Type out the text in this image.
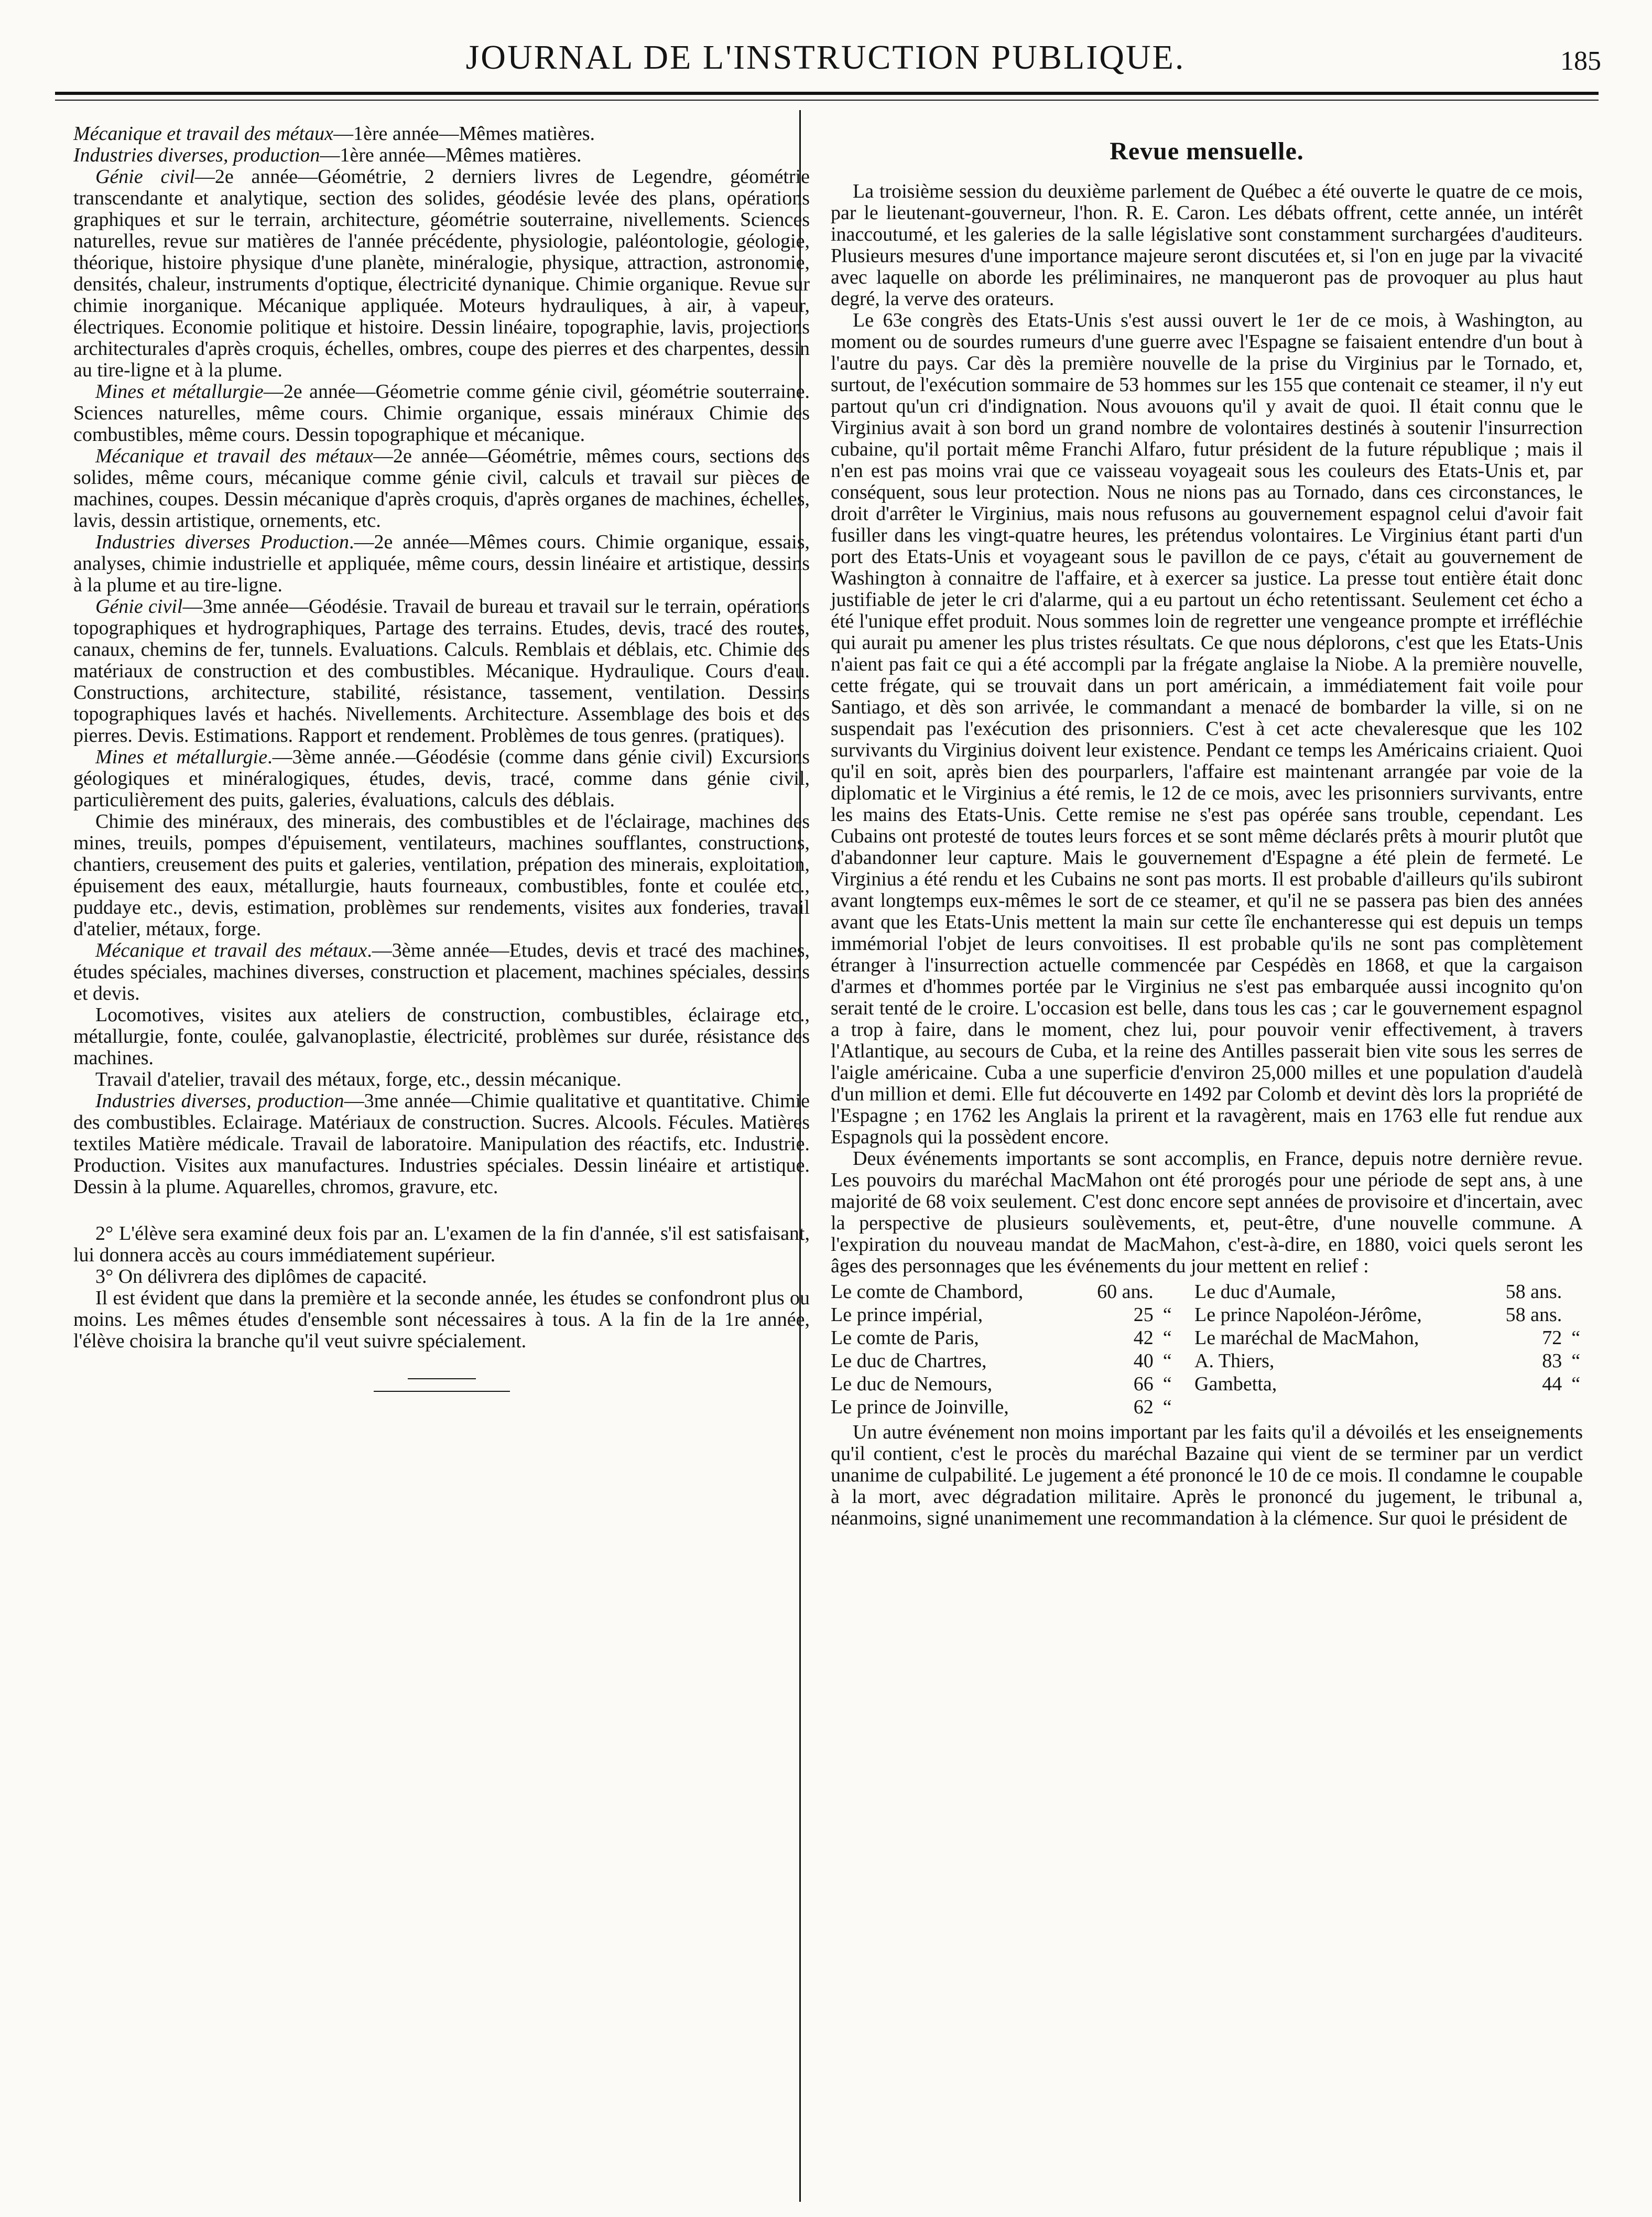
JOURNAL DE L'INSTRUCTION PUBLIQUE.	185

Mécanique et travail des métaux—1ère année—Mêmes matières.

Industries diverses, production—1ère année—Mêmes matières.

Génie civil—2e année—Géométrie, 2 derniers livres de Legendre, géométrie transcendante et analytique, section des solides, géodésie levée des plans, opérations graphiques et sur le terrain, architecture, géométrie souterraine, nivellements. Sciences naturelles, revue sur matières de l'année précédente, physiologie, paléontologie, géologie, théorique, histoire physique d'une planète, minéralogie, physique, attraction, astronomie, densités, chaleur, instruments d'optique, électricité dynanique. Chimie organique. Revue sur chimie inorganique. Mécanique appliquée. Moteurs hydrauliques, à air, à vapeur, électriques. Economie politique et histoire. Dessin linéaire, topographie, lavis, projections architecturales d'après croquis, échelles, ombres, coupe des pierres et des charpentes, dessin au tire-ligne et à la plume.

Mines et métallurgie—2e année—Géometrie comme génie civil, géométrie souterraine. Sciences naturelles, même cours. Chimie organique, essais minéraux Chimie des combustibles, même cours. Dessin topographique et mécanique.

Mécanique et travail des métaux—2e année—Géométrie, mêmes cours, sections des solides, même cours, mécanique comme génie civil, calculs et travail sur pièces de machines, coupes. Dessin mécanique d'après croquis, d'après organes de machines, échelles, lavis, dessin artistique, ornements, etc.

Industries diverses Production.—2e année—Mêmes cours. Chimie organique, essais, analyses, chimie industrielle et appliquée, même cours, dessin linéaire et artistique, dessins à la plume et au tire-ligne.

Génie civil—3me année—Géodésie. Travail de bureau et travail sur le terrain, opérations topographiques et hydrographiques, Partage des terrains. Etudes, devis, tracé des routes, canaux, chemins de fer, tunnels. Evaluations. Calculs. Remblais et déblais, etc. Chimie des matériaux de construction et des combustibles. Mécanique. Hydraulique. Cours d'eau. Constructions, architecture, stabilité, résistance, tassement, ventilation. Dessins topographiques lavés et hachés. Nivellements. Architecture. Assemblage des bois et des pierres. Devis. Estimations. Rapport et rendement. Problèmes de tous genres. (pratiques).

Mines et métallurgie.—3ème année.—Géodésie (comme dans génie civil) Excursions géologiques et minéralogiques, études, devis, tracé, comme dans génie civil, particulièrement des puits, galeries, évaluations, calculs des déblais.

Chimie des minéraux, des minerais, des combustibles et de l'éclairage, machines des mines, treuils, pompes d'épuisement, ventilateurs, machines soufflantes, constructions, chantiers, creusement des puits et galeries, ventilation, prépation des minerais, exploitation, épuisement des eaux, métallurgie, hauts fourneaux, combustibles, fonte et coulée etc., puddaye etc., devis, estimation, problèmes sur rendements, visites aux fonderies, travail d'atelier, métaux, forge.

Mécanique et travail des métaux.—3ème année—Etudes, devis et tracé des machines, études spéciales, machines diverses, construction et placement, machines spéciales, dessins et devis.

Locomotives, visites aux ateliers de construction, combustibles, éclairage etc., métallurgie, fonte, coulée, galvanoplastie, électricité, problèmes sur durée, résistance des machines.

Travail d'atelier, travail des métaux, forge, etc., dessin mécanique.

Industries diverses, production—3me année—Chimie qualitative et quantitative. Chimie des combustibles. Eclairage. Matériaux de construction. Sucres. Alcools. Fécules. Matières textiles Matière médicale. Travail de laboratoire. Manipulation des réactifs, etc. Industrie. Production. Visites aux manufactures. Industries spéciales. Dessin linéaire et artistique. Dessin à la plume. Aquarelles, chromos, gravure, etc.

2° L'élève sera examiné deux fois par an. L'examen de la fin d'année, s'il est satisfaisant, lui donnera accès au cours immédiatement supérieur.

3° On délivrera des diplômes de capacité.

Il est évident que dans la première et la seconde année, les études se confondront plus ou moins. Les mêmes études d'ensemble sont nécessaires à tous. A la fin de la 1re année, l'élève choisira la branche qu'il veut suivre spécialement.

Revue mensuelle.

La troisième session du deuxième parlement de Québec a été ouverte le quatre de ce mois, par le lieutenant-gouverneur, l'hon. R. E. Caron. Les débats offrent, cette année, un intérêt inaccoutumé, et les galeries de la salle législative sont constamment surchargées d'auditeurs. Plusieurs mesures d'une importance majeure seront discutées et, si l'on en juge par la vivacité avec laquelle on aborde les préliminaires, ne manqueront pas de provoquer au plus haut degré, la verve des orateurs.

Le 63e congrès des Etats-Unis s'est aussi ouvert le 1er de ce mois, à Washington, au moment ou de sourdes rumeurs d'une guerre avec l'Espagne se faisaient entendre d'un bout à l'autre du pays. Car dès la première nouvelle de la prise du Virginius par le Tornado, et, surtout, de l'exécution sommaire de 53 hommes sur les 155 que contenait ce steamer, il n'y eut partout qu'un cri d'indignation. Nous avouons qu'il y avait de quoi. Il était connu que le Virginius avait à son bord un grand nombre de volontaires destinés à soutenir l'insurrection cubaine, qu'il portait même Franchi Alfaro, futur président de la future république ; mais il n'en est pas moins vrai que ce vaisseau voyageait sous les couleurs des Etats-Unis et, par conséquent, sous leur protection. Nous ne nions pas au Tornado, dans ces circonstances, le droit d'arrêter le Virginius, mais nous refusons au gouvernement espagnol celui d'avoir fait fusiller dans les vingt-quatre heures, les prétendus volontaires. Le Virginius étant parti d'un port des Etats-Unis et voyageant sous le pavillon de ce pays, c'était au gouvernement de Washington à connaitre de l'affaire, et à exercer sa justice. La presse tout entière était donc justifiable de jeter le cri d'alarme, qui a eu partout un écho retentissant. Seulement cet écho a été l'unique effet produit. Nous sommes loin de regretter une vengeance prompte et irréfléchie qui aurait pu amener les plus tristes résultats. Ce que nous déplorons, c'est que les Etats-Unis n'aient pas fait ce qui a été accompli par la frégate anglaise la Niobe. A la première nouvelle, cette frégate, qui se trouvait dans un port américain, a immédiatement fait voile pour Santiago, et dès son arrivée, le commandant a menacé de bombarder la ville, si on ne suspendait pas l'exécution des prisonniers. C'est à cet acte chevaleresque que les 102 survivants du Virginius doivent leur existence. Pendant ce temps les Américains criaient. Quoi qu'il en soit, après bien des pourparlers, l'affaire est maintenant arrangée par voie de la diplomatic et le Virginius a été remis, le 12 de ce mois, avec les prisonniers survivants, entre les mains des Etats-Unis. Cette remise ne s'est pas opérée sans trouble, cependant. Les Cubains ont protesté de toutes leurs forces et se sont même déclarés prêts à mourir plutôt que d'abandonner leur capture. Mais le gouvernement d'Espagne a été plein de fermeté. Le Virginius a été rendu et les Cubains ne sont pas morts. Il est probable d'ailleurs qu'ils subiront avant longtemps eux-mêmes le sort de ce steamer, et qu'il ne se passera pas bien des années avant que les Etats-Unis mettent la main sur cette île enchanteresse qui est depuis un temps immémorial l'objet de leurs convoitises. Il est probable qu'ils ne sont pas complètement étranger à l'insurrection actuelle commencée par Cespédès en 1868, et que la cargaison d'armes et d'hommes portée par le Virginius ne s'est pas embarquée aussi incognito qu'on serait tenté de le croire. L'occasion est belle, dans tous les cas ; car le gouvernement espagnol a trop à faire, dans le moment, chez lui, pour pouvoir venir effectivement, à travers l'Atlantique, au secours de Cuba, et la reine des Antilles passerait bien vite sous les serres de l'aigle américaine. Cuba a une superficie d'environ 25,000 milles et une population d'audelà d'un million et demi. Elle fut découverte en 1492 par Colomb et devint dès lors la propriété de l'Espagne ; en 1762 les Anglais la prirent et la ravagèrent, mais en 1763 elle fut rendue aux Espagnols qui la possèdent encore.

Deux événements importants se sont accomplis, en France, depuis notre dernière revue. Les pouvoirs du maréchal MacMahon ont été prorogés pour une période de sept ans, à une majorité de 68 voix seulement. C'est donc encore sept années de provisoire et d'incertain, avec la perspective de plusieurs soulèvements, et, peut-être, d'une nouvelle commune. A l'expiration du nouveau mandat de MacMahon, c'est-à-dire, en 1880, voici quels seront les âges des personnages que les événements du jour mettent en relief :

Le comte de Chambord,	60 ans.		Le duc d'Aumale,	58 ans.	
Le prince impérial,	25	“	Le prince Napoléon-Jérôme,	58 ans.	
Le comte de Paris,	42	“	Le maréchal de MacMahon,	72	“
Le duc de Chartres,	40	“	A. Thiers,	83	“
Le duc de Nemours,	66	“	Gambetta,	44	“
Le prince de Joinville,	62	“			

Un autre événement non moins important par les faits qu'il a dévoilés et les enseignements qu'il contient, c'est le procès du maréchal Bazaine qui vient de se terminer par un verdict unanime de culpabilité. Le jugement a été prononcé le 10 de ce mois. Il condamne le coupable à la mort, avec dégradation militaire. Après le prononcé du jugement, le tribunal a, néanmoins, signé unanimement une recommandation à la clémence. Sur quoi le président de
